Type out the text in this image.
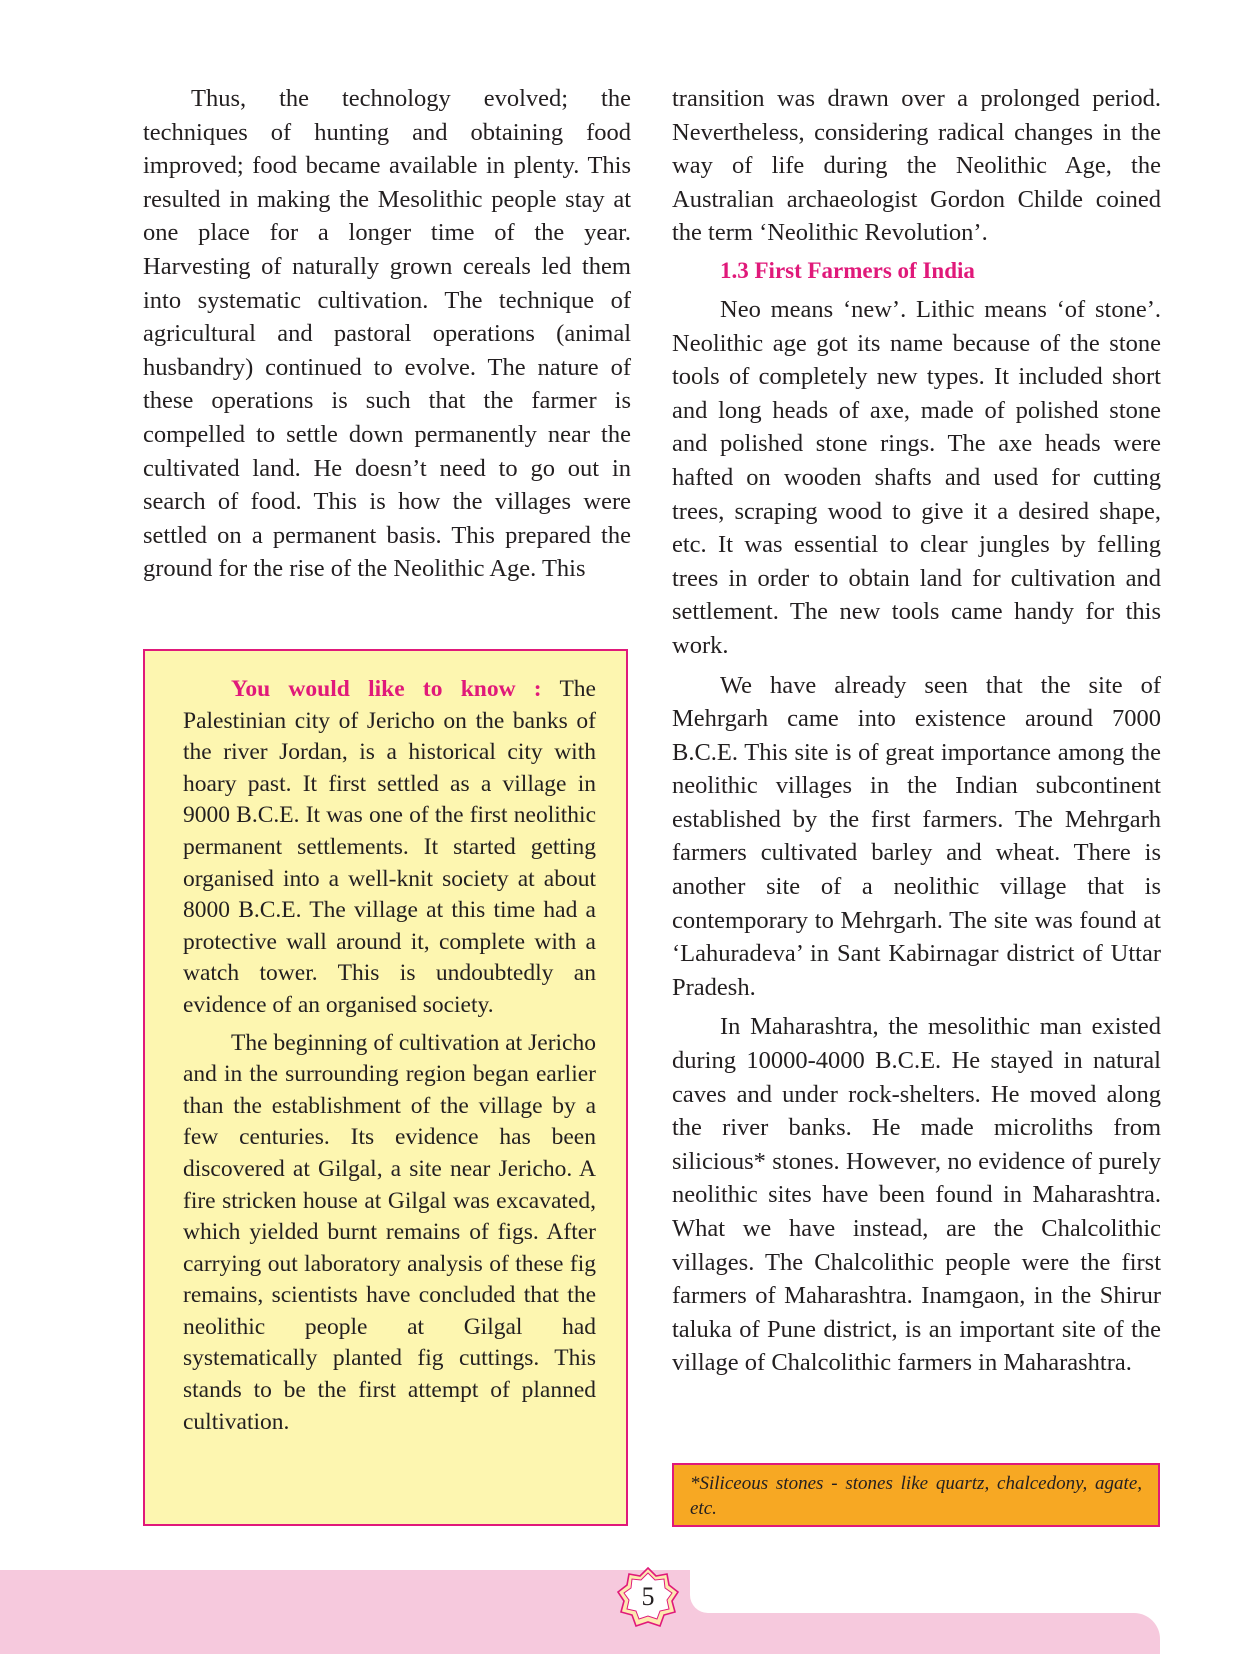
Thus, the technology evolved; the techniques of hunting and obtaining food improved; food became available in plenty. This resulted in making the Mesolithic people stay at one place for a longer time of the year. Harvesting of naturally grown cereals led them into systematic cultivation. The technique of agricultural and pastoral operations (animal husbandry) continued to evolve. The nature of these operations is such that the farmer is compelled to settle down permanently near the cultivated land. He doesn’t need to go out in search of food. This is how the villages were settled on a permanent basis. This prepared the ground for the rise of the Neolithic Age. This

You would like to know : The Palestinian city of Jericho on the banks of the river Jordan, is a historical city with hoary past. It first settled as a village in 9000 B.C.E. It was one of the first neolithic permanent settlements. It started getting organised into a well-knit society at about 8000 B.C.E. The village at this time had a protective wall around it, complete with a watch tower. This is undoubtedly an evidence of an organised society.

The beginning of cultivation at Jericho and in the surrounding region began earlier than the establishment of the village by a few centuries. Its evidence has been discovered at Gilgal, a site near Jericho. A fire stricken house at Gilgal was excavated, which yielded burnt remains of figs. After carrying out laboratory analysis of these fig remains, scientists have concluded that the neolithic people at Gilgal had systematically planted fig cuttings. This stands to be the first attempt of planned cultivation.

transition was drawn over a prolonged period. Nevertheless, considering radical changes in the way of life during the Neolithic Age, the Australian archaeologist Gordon Childe coined the term ‘Neolithic Revolution’.

1.3 First Farmers of India

Neo means ‘new’. Lithic means ‘of stone’. Neolithic age got its name because of the stone tools of completely new types. It included short and long heads of axe, made of polished stone and polished stone rings. The axe heads were hafted on wooden shafts and used for cutting trees, scraping wood to give it a desired shape, etc. It was essential to clear jungles by felling trees in order to obtain land for cultivation and settlement. The new tools came handy for this work.

We have already seen that the site of Mehrgarh came into existence around 7000 B.C.E. This site is of great importance among the neolithic villages in the Indian subcontinent established by the first farmers. The Mehrgarh farmers cultivated barley and wheat. There is another site of a neolithic village that is contemporary to Mehrgarh. The site was found at ‘Lahuradeva’ in Sant Kabirnagar district of Uttar Pradesh.

In Maharashtra, the mesolithic man existed during 10000-4000 B.C.E. He stayed in natural caves and under rock-shelters. He moved along the river banks. He made microliths from silicious* stones. However, no evidence of purely neolithic sites have been found in Maharashtra. What we have instead, are the Chalcolithic villages. The Chalcolithic people were the first farmers of Maharashtra. Inamgaon, in the Shirur taluka of Pune district, is an important site of the village of Chalcolithic farmers in Maharashtra.

*Siliceous stones - stones like quartz, chalcedony, agate, etc.
5
